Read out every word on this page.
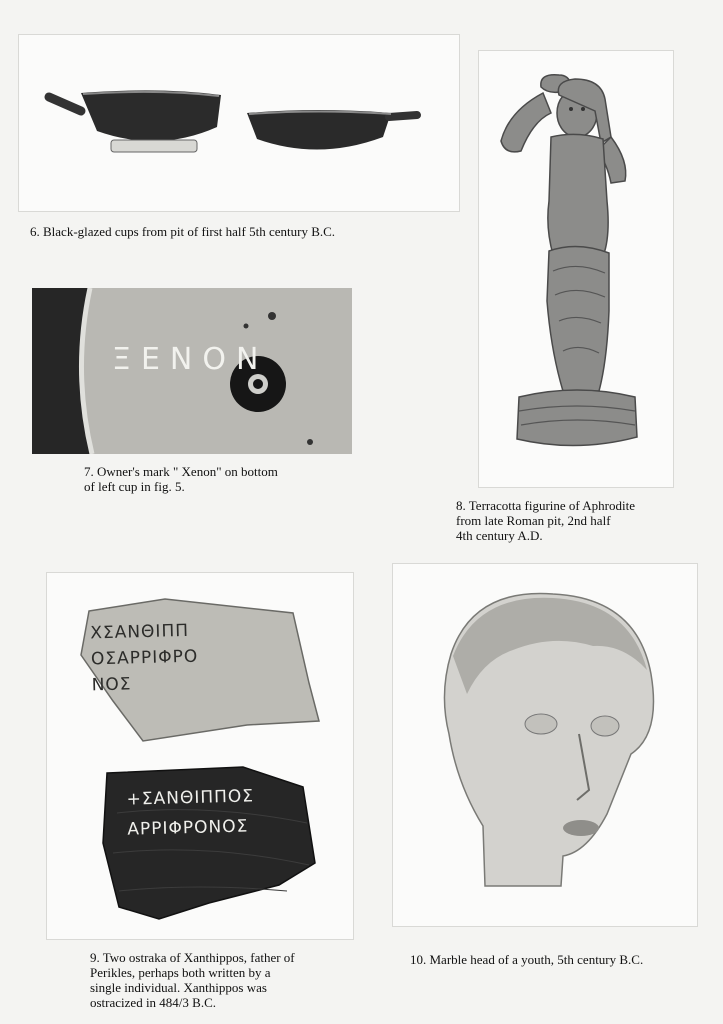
6. Black-glazed cups from pit of first half 5th century B.C.
ΞΕΝΟΝ
7. Owner's mark " Xenon" on bottom
of left cup in fig. 5.
8. Terracotta figurine of Aphrodite
from late Roman pit, 2nd half
4th century A.D.
ΧΣΑΝΘΙΠΠ
ΟΣΑΡΡΙΦΡΟ
ΝΟΣ
+ΣΑΝΘΙΠΠΟΣ
ΑΡΡΙΦΡΟΝΟΣ
9. Two ostraka of Xanthippos, father of
Perikles, perhaps both written by a
single individual. Xanthippos was
ostracized in 484/3 B.C.
10. Marble head of a youth, 5th century B.C.
